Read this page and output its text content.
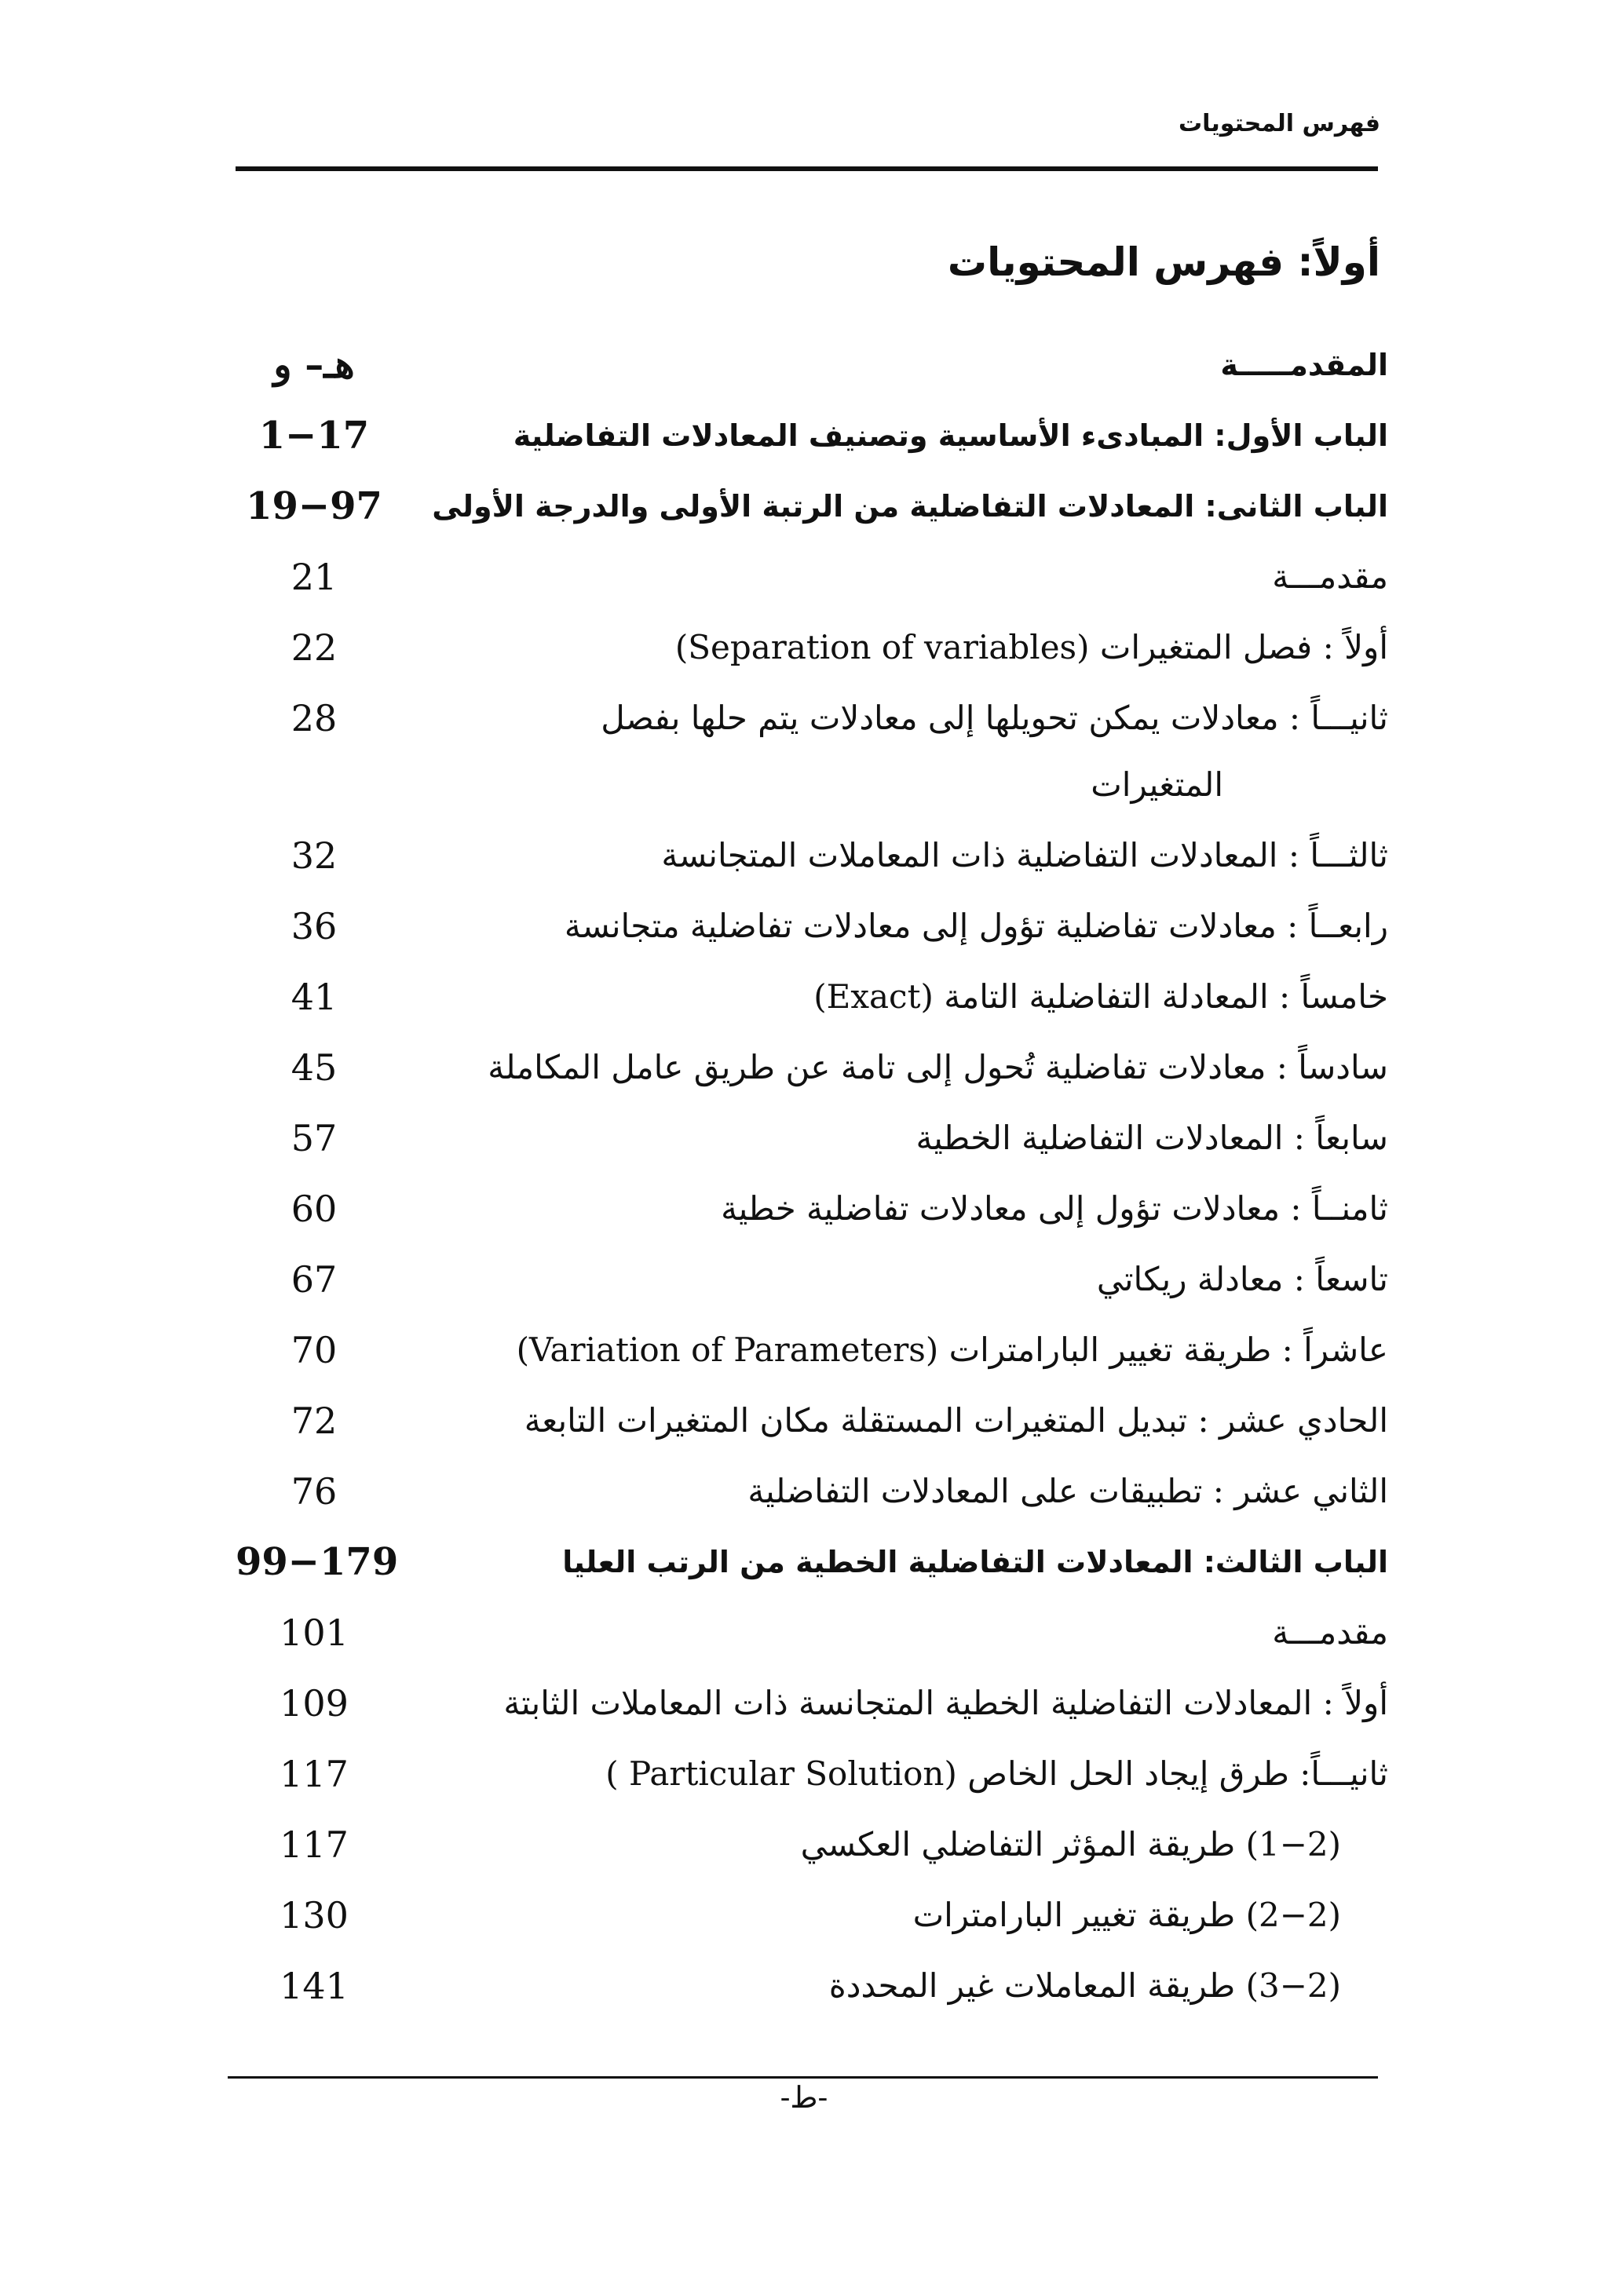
فهرس المحتويات
أولاً: فهرس المحتويات
المقدمـــــة
هـ– و
الباب الأول: المبادىء الأساسية وتصنيف المعادلات التفاضلية
1−17
الباب الثانى: المعادلات التفاضلية من الرتبة الأولى والدرجة الأولى
19−97
مقدمـــة
21
أولاً : فصل المتغيرات (Separation of variables)
22
ثانيـــاً : معادلات يمكن تحويلها إلى معادلات يتم حلها بفصل
28
المتغيرات
ثالثـــاً : المعادلات التفاضلية ذات المعاملات المتجانسة
32
رابعــاً : معادلات تفاضلية تؤول إلى معادلات تفاضلية متجانسة
36
خامساً : المعادلة التفاضلية التامة (Exact)
41
سادساً : معادلات تفاضلية تُحول إلى تامة عن طريق عامل المكاملة
45
سابعاً : المعادلات التفاضلية الخطية
57
ثامنــاً : معادلات تؤول إلى معادلات تفاضلية خطية
60
تاسعاً : معادلة ريكاتي
67
عاشراً : طريقة تغيير البارامترات (Variation of Parameters)
70
الحادي عشر : تبديل المتغيرات المستقلة مكان المتغيرات التابعة
72
الثاني عشر : تطبيقات على المعادلات التفاضلية
76
الباب الثالث: المعادلات التفاضلية الخطية من الرتب العليا
99−179
مقدمـــة
101
أولاً : المعادلات التفاضلية الخطية المتجانسة ذات المعاملات الثابتة
109
ثانيـــاً: طرق إيجاد الحل الخاص (Particular Solution )
117
(1−2) طريقة المؤثر التفاضلي العكسي
117
(2−2) طريقة تغيير البارامترات
130
(3−2) طريقة المعاملات غير المحددة
141
-ط-
